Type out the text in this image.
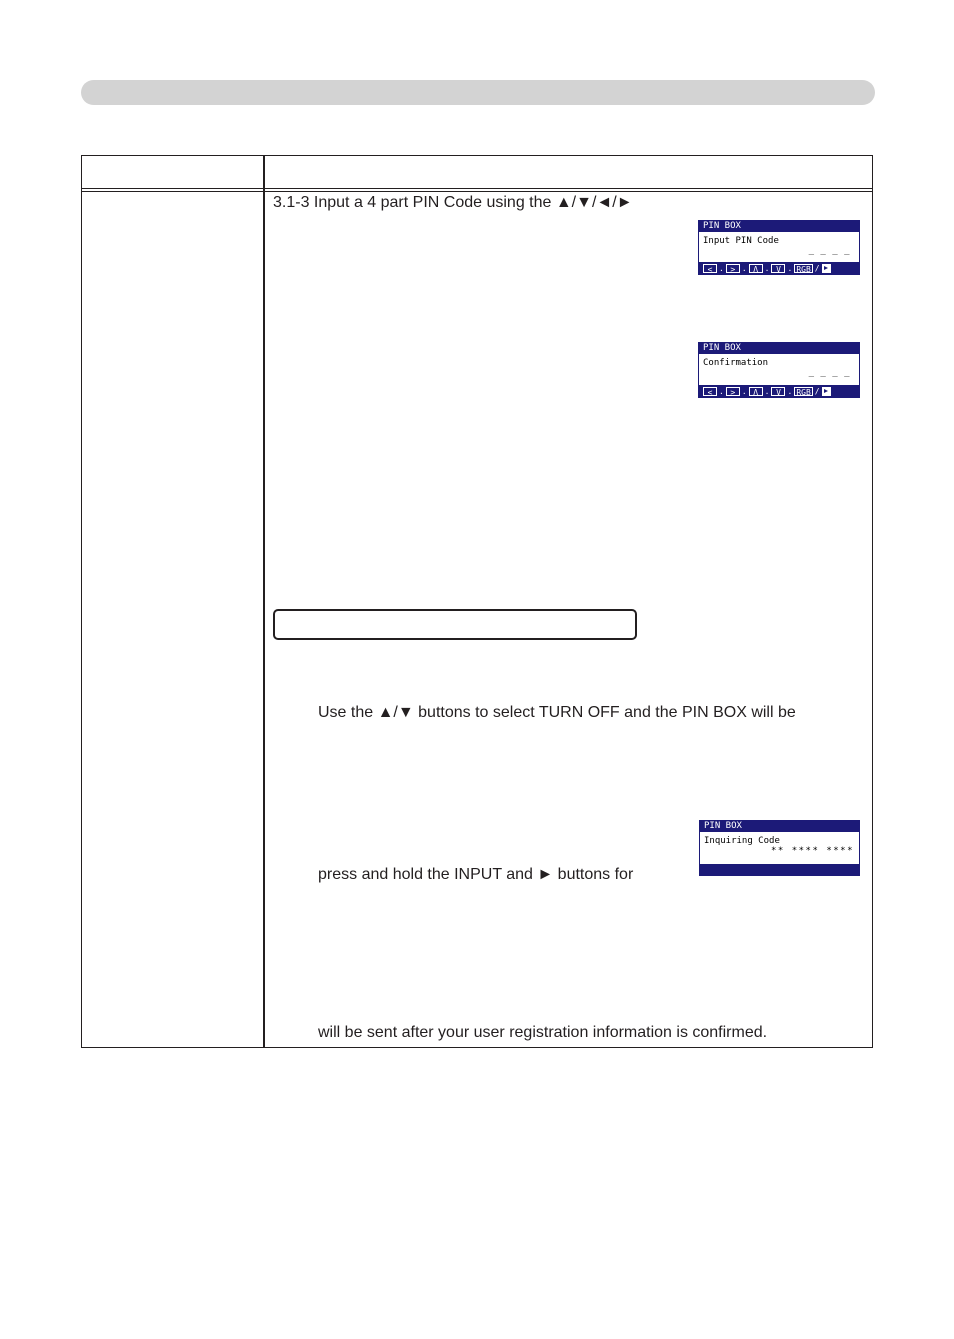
3.1-3 Input a 4 part PIN Code using the ▲/▼/◄/►
PIN BOX
Input PIN Code
_ _ _ _
< . > . Λ . V . RGB /
PIN BOX
Confirmation
_ _ _ _
< . > . Λ . V . RGB /
Use the ▲/▼ buttons to select TURN OFF and the PIN BOX will be
PIN BOX
Inquiring Code
** **** ****
press and hold the INPUT and ► buttons for
will be sent after your user registration information is confirmed.
